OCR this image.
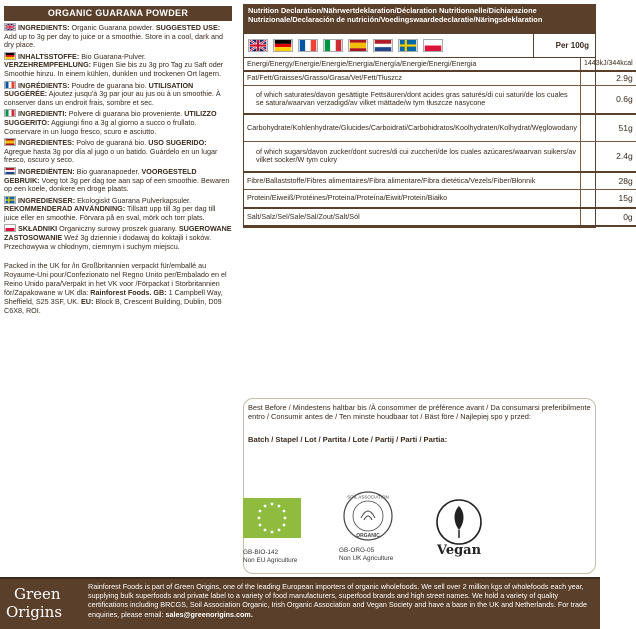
ORGANIC GUARANA POWDER
INGREDIENTS: Organic Guarana powder. SUGGESTED USE: Add up to 3g per day to juice or a smoothie. Store in a cool, dark and dry place.
INHALTSSTOFFE: Bio Guarana-Pulver. VERZEHREMPFEHLUNG: Fügen Sie bis zu 3g pro Tag zu Saft oder Smoothie hinzu. In einem kühlen, dunklen und trockenen Ort lagern.
INGRÉDIENTS: Poudre de guarana bio. UTILISATION SUGGÉRÉE: Ajoutez jusqu'à 3g par jour au jus ou à un smoothie. À conserver dans un endroit frais, sombre et sec.
INGREDIENTI: Polvere di guarana bio proveniente. UTILIZZO SUGGERITO: Aggiungi fino a 3g al giorno a succo o frullato. Conservare in un luogo fresco, scuro e asciutto.
INGREDIENTES: Polvo de guaraná bio. USO SUGERIDO: Agregue hasta 3g por día al jugo o un batido. Guárdelo en un lugar fresco, oscuro y seco.
INGREDIËNTEN: Bio guaranapoeder. VOORGESTELD GEBRUIK: Voeg tot 3g per dag toe aan sap of een smoothie. Bewaren op een koele, donkere en droge plaats.
INGREDIENSER: Ekologiskt Guarana Pulverkapsuler. REKOMMENDERAD ANVÄNDNING: Tillsätt upp till 3g per dag till juice eller en smoothie. Förvara på en sval, mörk och torr plats.
SKŁADNIKI Organiczny surowy proszek guarany. SUGEROWANE ZASTOSOWANIE Weź 3g dziennie i dodawaj do koktajli i soków. Przechowywa w chłodnym, ciemnym i suchym miejscu.
Packed in the UK for /in Großbritannien verpackt für/emballé au Royaume-Uni pour/Confezionato nel Regno Unito per/Embalado en el Reino Unido para/Verpakt in het VK voor /Förpackat i Storbritannien för/Zapakowane w UK dla: Rainforest Foods. GB: 1 Campbell Way, Sheffield, S25 3SF, UK. EU: Block B, Crescent Building, Dublin, D09 C6X8, ROI.
Nutrition Declaration/Nährwertdeklaration/Déclaration Nutritionnelle/Dichiarazione Nutrizionale/Declaración de nutrición/Voedingswaardedeclaratie/Näringsdeklaration
Per 100g
Energi/Energy/Energie/Energie/Energia/Energía/Energie/Energi/Energia	1443kJ/344kcal
Fat/Fett/Graisses/Grasso/Grasa/Vet/Fett/Tłuszcz	2.9g
of which saturates/davon gesättigte Fettsäuren/dont acides gras saturés/di cui saturi/de los cuales se satura/waarvan verzadigd/av vilket mättade/w tym tłuszcze nasycone	0.6g
Carbohydrate/Kohlenhydrate/Glucides/Carboidrati/Carbohidratos/Koolhydraten/Kolhydrat/Węglowodany	51g
of which sugars/davon zucker/dont sucres/di cui zuccheri/de los cuales azúcares/waarvan suikers/av vilket socker/W tym cukry	2.4g
Fibre/Ballaststoffe/Fibres alimentaires/Fibra alimentare/Fibra dietética/Vezels/Fiber/Błonnik	28g
Protein/Eiweiß/Protéines/Proteina/Proteína/Eiwit/Protein/Białko	15g
Salt/Salz/Sel/Sale/Sal/Zout/Salt/Sól	0g
Best Before / Mindestens haltbar bis /À consommer de préférence avant / Da consumarsi preferibilmente entro / Consumir antes de / Ten minste houdbaar tot / Bäst före / Najlepiej spo y przed:
Batch / Stapel / Lot / Partita / Lote / Partij / Parti / Partia:
GB-BIO-142
Non EU Agriculture
SOIL ASSOCIATION
ORGANIC
GB-ORG-05
Non UK Agriculture
Vegan
Green
Origins
Rainforest Foods is part of Green Origins, one of the leading European importers of organic wholefoods. We sell over 2 million kgs of wholefoods each year, supplying bulk superfoods and private label to a variety of food manufacturers, superfood brands and high street names. We hold a variety of quality certifications including BRCGS, Soil Association Organic, Irish Organic Association and Vegan Society and have a base in the UK and Netherlands. For trade enquiries, please email: sales@greenorigins.com.
